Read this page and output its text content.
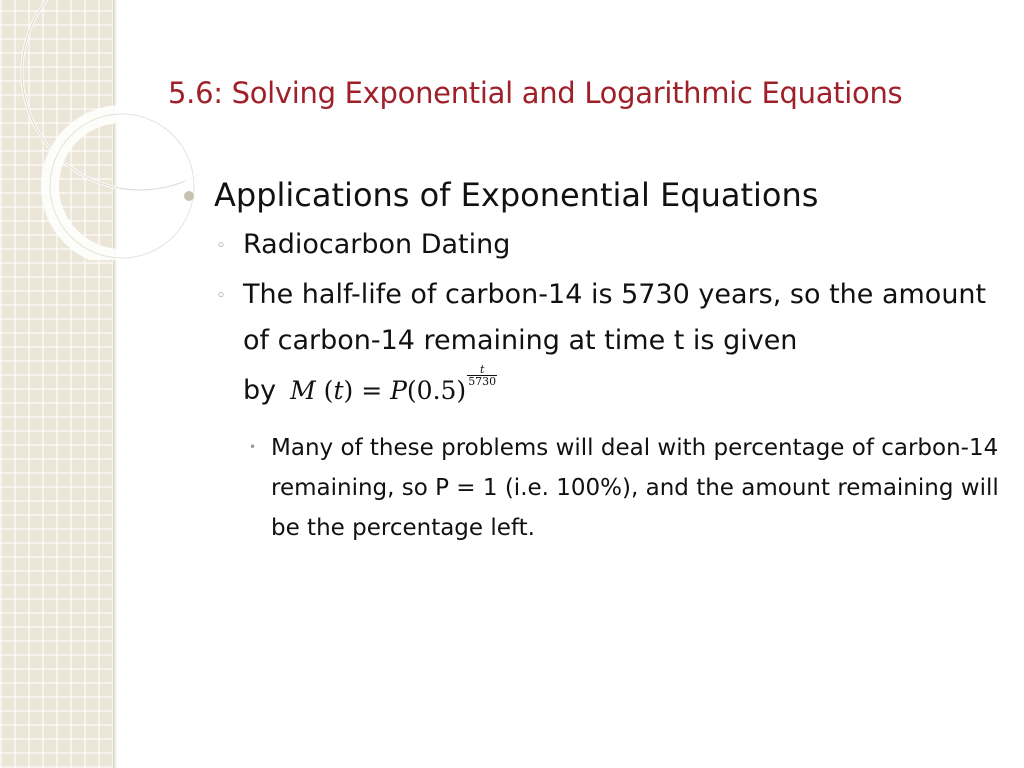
5.6: Solving Exponential and Logarithmic Equations
Applications of Exponential Equations
◦ Radiocarbon Dating
◦ The half-life of carbon-14 is 5730 years, so the amount of carbon-14 remaining at time t is given by M (t) = P(0.5)
$\frac{t}{5730}$
• Many of these problems will deal with percentage of carbon-14 remaining, so P = 1 (i.e. 100%), and the amount remaining will be the percentage left.
